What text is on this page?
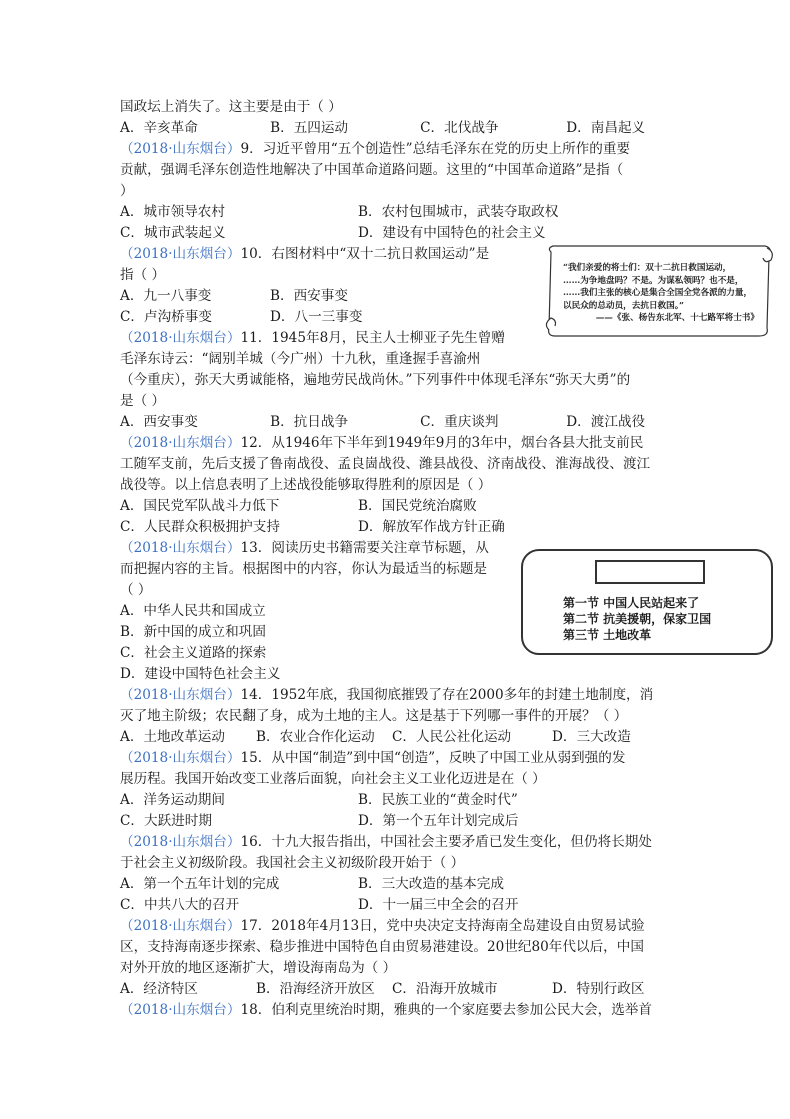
国政坛上消失了。这主要是由于（ ）
A．辛亥革命	B．五四运动	C．北伐战争	D．南昌起义
（2018·山东烟台）9．习近平曾用“五个创造性”总结毛泽东在党的历史上所作的重要
贡献，强调毛泽东创造性地解决了中国革命道路问题。这里的“中国革命道路”是指（
）
A．城市领导农村	B．农村包围城市，武装夺取政权
C．城市武装起义	D．建设有中国特色的社会主义
（2018·山东烟台）10．右图材料中“双十二抗日救国运动”是
指（ ）
A．九一八事变	B．西安事变
C．卢沟桥事变	D．八一三事变
（2018·山东烟台）11．1945年8月，民主人士柳亚子先生曾赠
毛泽东诗云：“阔别羊城（今广州）十九秋，重逢握手喜渝州
（今重庆），弥天大勇诚能格，遍地劳民战尚休。”下列事件中体现毛泽东“弥天大勇”的
是（ ）
A．西安事变	B．抗日战争	C．重庆谈判	D．渡江战役
（2018·山东烟台）12．从1946年下半年到1949年9月的3年中，烟台各县大批支前民
工随军支前，先后支援了鲁南战役、孟良崮战役、潍县战役、济南战役、淮海战役、渡江
战役等。以上信息表明了上述战役能够取得胜利的原因是（ ）
A．国民党军队战斗力低下	B．国民党统治腐败
C．人民群众积极拥护支持	D．解放军作战方针正确
（2018·山东烟台）13．阅读历史书籍需要关注章节标题，从
而把握内容的主旨。根据图中的内容，你认为最适当的标题是
（ ）
A．中华人民共和国成立
B．新中国的成立和巩固
C．社会主义道路的探索
D．建设中国特色社会主义
（2018·山东烟台）14．1952年底，我国彻底摧毁了存在2000多年的封建土地制度，消
灭了地主阶级；农民翻了身，成为土地的主人。这是基于下列哪一事件的开展？（ ）
A．土地改革运动	B．农业合作化运动	C．人民公社化运动	D．三大改造
（2018·山东烟台）15．从中国“制造”到中国“创造”，反映了中国工业从弱到强的发
展历程。我国开始改变工业落后面貌，向社会主义工业化迈进是在（ ）
A．洋务运动期间	B．民族工业的“黄金时代”
C．大跃进时期	D．第一个五年计划完成后
（2018·山东烟台）16．十九大报告指出，中国社会主要矛盾已发生变化，但仍将长期处
于社会主义初级阶段。我国社会主义初级阶段开始于（ ）
A．第一个五年计划的完成	B．三大改造的基本完成
C．中共八大的召开	D．十一届三中全会的召开
（2018·山东烟台）17．2018年4月13日，党中央决定支持海南全岛建设自由贸易试验
区，支持海南逐步探索、稳步推进中国特色自由贸易港建设。20世纪80年代以后，中国
对外开放的地区逐渐扩大，增设海南岛为（ ）
A．经济特区	B．沿海经济开放区	C．沿海开放城市	D．特别行政区
（2018·山东烟台）18．伯利克里统治时期，雅典的一个家庭要去参加公民大会，选举首
“我们亲爱的将士们：双十二抗日救国运动，
……为争地盘吗？不是。为谋私领吗？也不是，
……我们主张的核心是集合全国全党各派的力量，
以民众的总动员，去抗日救国。”
——《张、杨告东北军、十七路军将士书》
第一节 中国人民站起来了
第二节 抗美援朝，保家卫国
第三节 土地改革
